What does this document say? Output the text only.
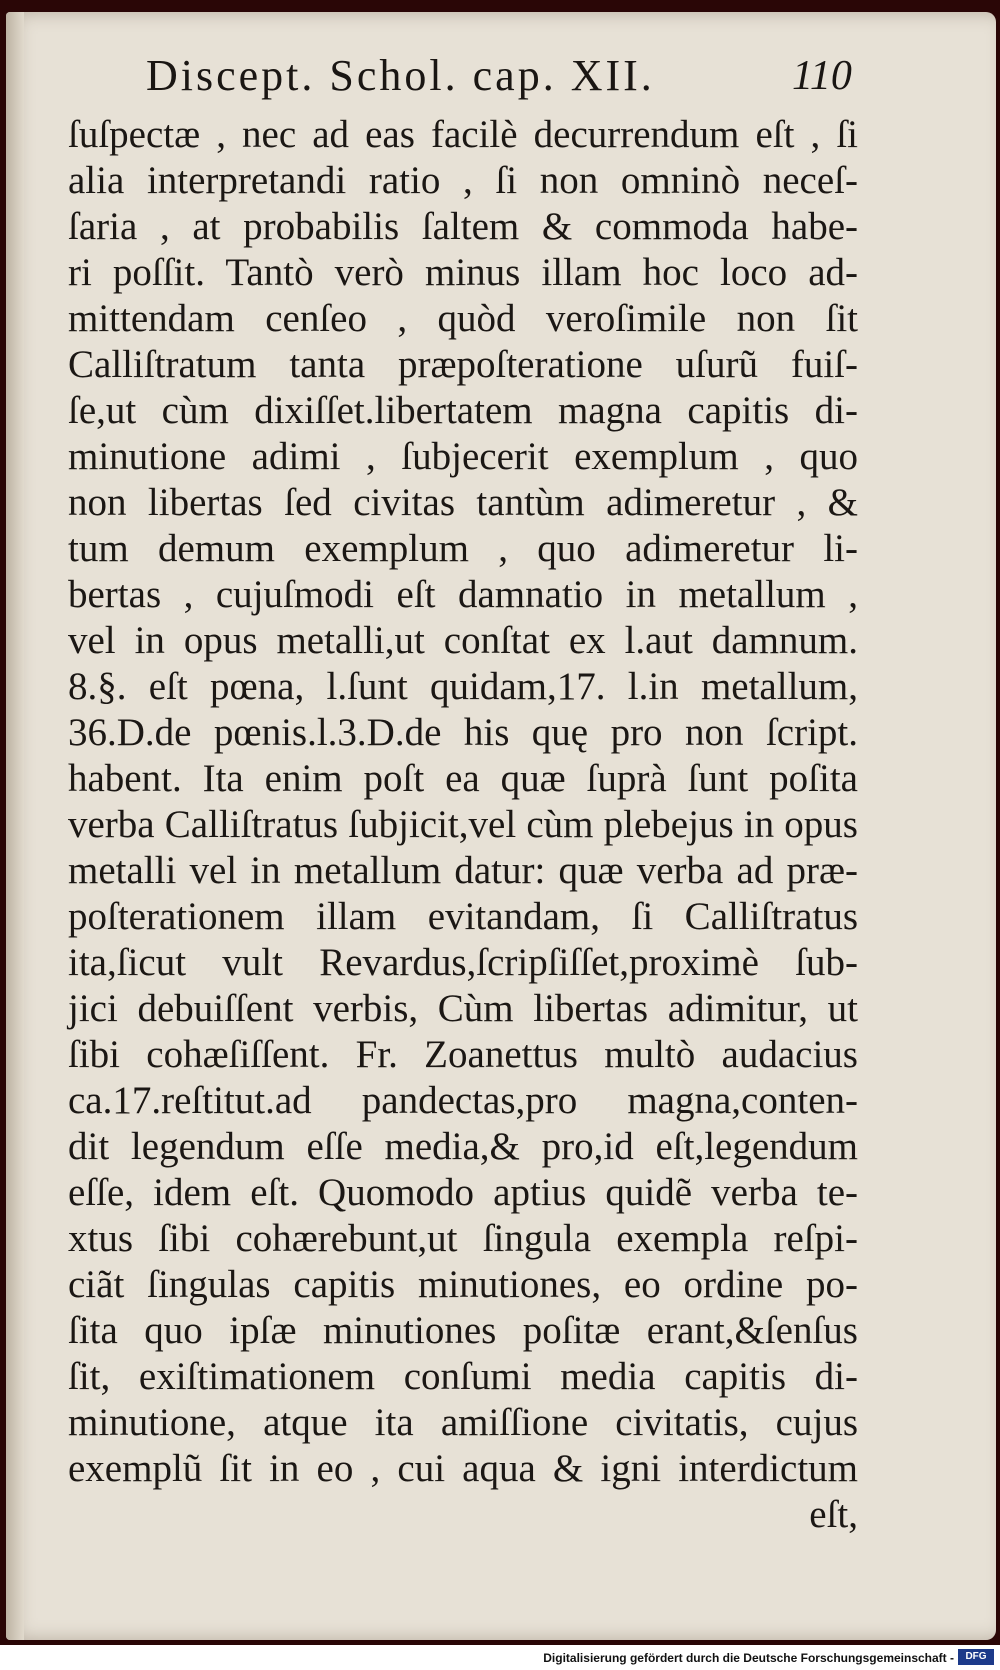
Discept. Schol. cap. XII.	110
ſuſpectæ , nec ad eas facilè decurrendum eſt , ſi
alia interpretandi ratio , ſi non omninò neceſ-
ſaria , at probabilis ſaltem & commoda habe-
ri poſſit. Tantò verò minus illam hoc loco ad-
mittendam cenſeo , quòd veroſimile non ſit
Calliſtratum tanta præpoſteratione uſurũ fuiſ-
ſe,ut cùm dixiſſet.libertatem magna capitis di-
minutione adimi , ſubjecerit exemplum , quo
non libertas ſed civitas tantùm adimeretur , &
tum demum exemplum , quo adimeretur li-
bertas , cujuſmodi eſt damnatio in metallum ,
vel in opus metalli,ut conſtat ex l.aut damnum.
8.§. eſt pœna, l.ſunt quidam,17. l.in metallum,
36.D.de pœnis.l.3.D.de his quę pro non ſcript.
habent. Ita enim poſt ea quæ ſuprà ſunt poſita
verba Calliſtratus ſubjicit,vel cùm plebejus in opus
metalli vel in metallum datur: quæ verba ad præ-
poſterationem illam evitandam, ſi Calliſtratus
ita,ſicut vult Revardus,ſcripſiſſet,proximè ſub-
jici debuiſſent verbis, Cùm libertas adimitur, ut
ſibi cohæſiſſent. Fr. Zoanettus multò audacius
ca.17.reſtitut.ad pandectas,pro magna,conten-
dit legendum eſſe media,& pro,id eſt,legendum
eſſe, idem eſt. Quomodo aptius quidẽ verba te-
xtus ſibi cohærebunt,ut ſingula exempla reſpi-
ciãt ſingulas capitis minutiones, eo ordine po-
ſita quo ipſæ minutiones poſitæ erant,&ſenſus
ſit, exiſtimationem conſumi media capitis di-
minutione, atque ita amiſſione civitatis, cujus
exemplũ ſit in eo , cui aqua & igni interdictum
eſt,
Digitalisierung gefördert durch die Deutsche Forschungsgemeinschaft -	DFG
